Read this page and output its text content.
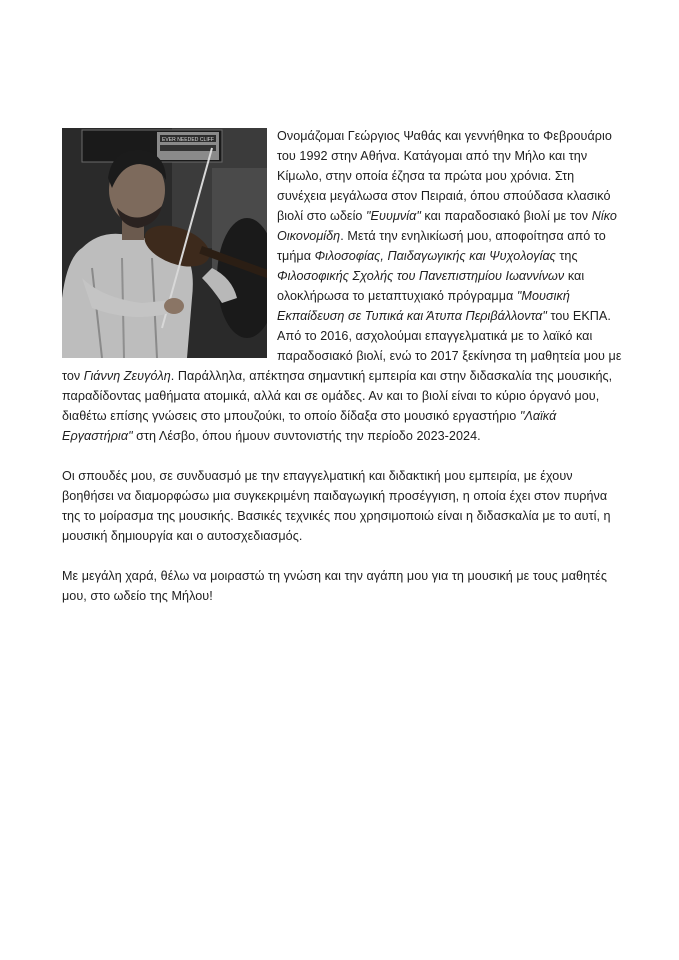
EVER NEEDED CLIFF	Ονομάζομαι Γεώργιος Ψαθάς και γεννήθηκα το Φεβρουάριο του 1992 στην Αθήνα. Κατάγομαι από την Μήλο και την Κίμωλο, στην οποία έζησα τα πρώτα μου χρόνια. Στη συνέχεια μεγάλωσα στον Πειραιά, όπου σπούδασα κλασικό βιολί στο ωδείο "Ευυμνία" και παραδοσιακό βιολί με τον Νίκο Οικονομίδη. Μετά την ενηλικίωσή μου, αποφοίτησα από το τμήμα Φιλοσοφίας, Παιδαγωγικής και Ψυχολογίας της Φιλοσοφικής Σχολής του Πανεπιστημίου Ιωαννίνων και ολοκλήρωσα το μεταπτυχιακό πρόγραμμα "Μουσική Εκπαίδευση σε Τυπικά και Άτυπα Περιβάλλοντα" του ΕΚΠΑ. Από το 2016, ασχολούμαι επαγγελματικά με το λαϊκό και παραδοσιακό βιολί, ενώ το 2017 ξεκίνησα τη μαθητεία μου με τον Γιάννη Ζευγόλη. Παράλληλα, απέκτησα σημαντική εμπειρία και στην διδασκαλία της μουσικής, παραδίδοντας μαθήματα ατομικά, αλλά και σε ομάδες. Αν και το βιολί είναι το κύριο όργανό μου, διαθέτω επίσης γνώσεις στο μπουζούκι, το οποίο δίδαξα στο μουσικό εργαστήριο "Λαϊκά Εργαστήρια" στη Λέσβο, όπου ήμουν συντονιστής την περίοδο 2023-2024.

Οι σπουδές μου, σε συνδυασμό με την επαγγελματική και διδακτική μου εμπειρία, με έχουν βοηθήσει να διαμορφώσω μια συγκεκριμένη παιδαγωγική προσέγγιση, η οποία έχει στον πυρήνα της το μοίρασμα της μουσικής. Βασικές τεχνικές που χρησιμοποιώ είναι η διδασκαλία με το αυτί, η μουσική δημιουργία και ο αυτοσχεδιασμός.

Με μεγάλη χαρά, θέλω να μοιραστώ τη γνώση και την αγάπη μου για τη μουσική με τους μαθητές μου, στο ωδείο της Μήλου!
